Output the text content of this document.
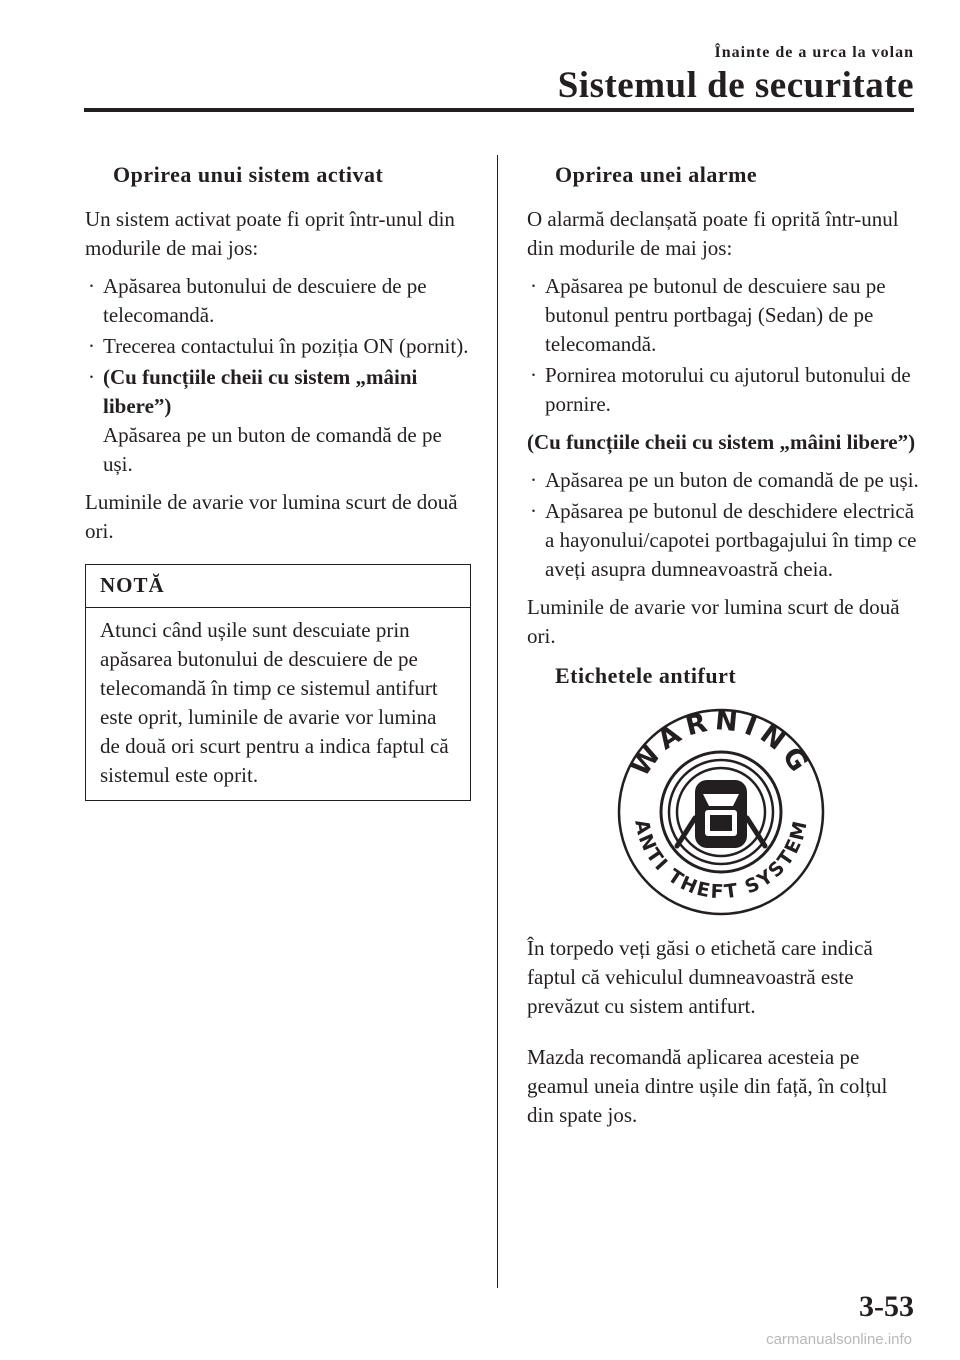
Înainte de a urca la volan
Sistemul de securitate
Oprirea unui sistem activat

Un sistem activat poate fi oprit într-unul din modurile de mai jos:

· Apăsarea butonului de descuiere de pe telecomandă.
· Trecerea contactului în poziția ON (pornit).
· (Cu funcțiile cheii cu sistem „mâini libere”)
Apăsarea pe un buton de comandă de pe uși.

Luminile de avarie vor lumina scurt de două ori.

NOTĂ
Atunci când ușile sunt descuiate prin apăsarea butonului de descuiere de pe telecomandă în timp ce sistemul antifurt este oprit, luminile de avarie vor lumina de două ori scurt pentru a indica faptul că sistemul este oprit.
Oprirea unei alarme

O alarmă declanșată poate fi oprită într-unul din modurile de mai jos:

· Apăsarea pe butonul de descuiere sau pe butonul pentru portbagaj (Sedan) de pe telecomandă.
· Pornirea motorului cu ajutorul butonului de pornire.

(Cu funcțiile cheii cu sistem „mâini libere”)

· Apăsarea pe un buton de comandă de pe uși.
· Apăsarea pe butonul de deschidere electrică a hayonului/capotei portbagajului în timp ce aveți asupra dumneavoastră cheia.

Luminile de avarie vor lumina scurt de două ori.

Etichetele antifurt
WARNING
ANTI THEFT SYSTEM

În torpedo veți găsi o etichetă care indică faptul că vehiculul dumneavoastră este prevăzut cu sistem antifurt.

Mazda recomandă aplicarea acesteia pe geamul uneia dintre ușile din față, în colțul din spate jos.

3-53
carmanualsonline.info
